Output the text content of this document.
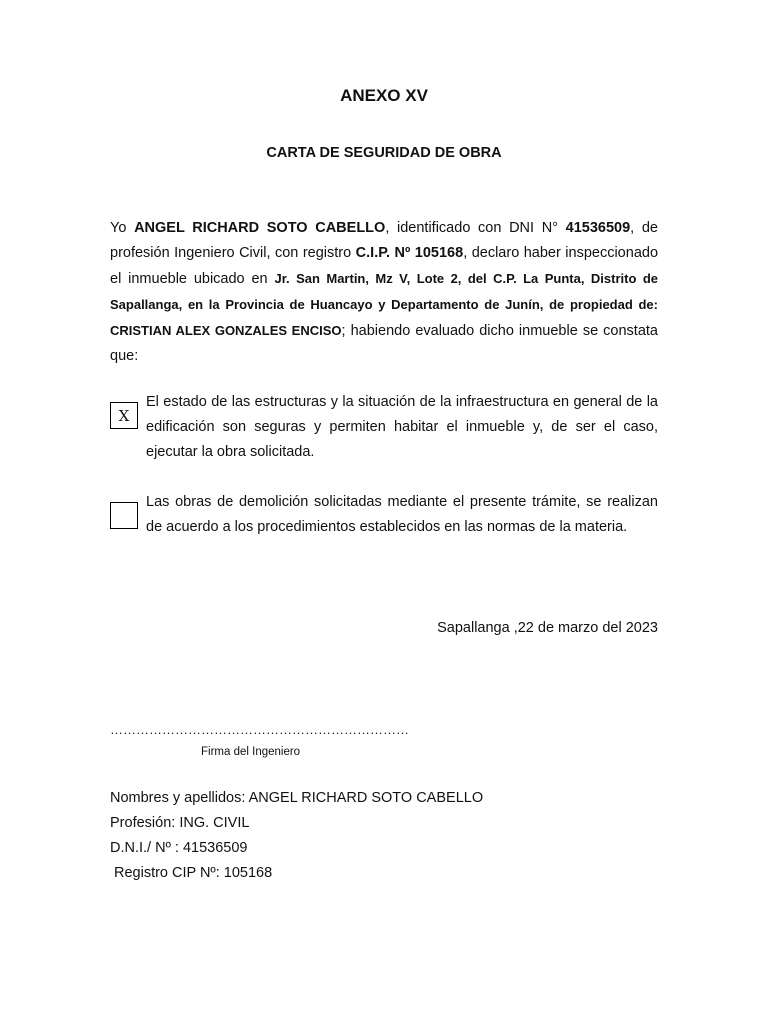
ANEXO XV
CARTA DE SEGURIDAD DE OBRA
Yo ANGEL RICHARD SOTO CABELLO, identificado con DNI N° 41536509, de profesión Ingeniero Civil, con registro C.I.P. Nº 105168, declaro haber inspeccionado el inmueble ubicado en Jr. San Martin, Mz V, Lote 2, del C.P. La Punta, Distrito de Sapallanga, en la Provincia de Huancayo y Departamento de Junín, de propiedad de: CRISTIAN ALEX GONZALES ENCISO; habiendo evaluado dicho inmueble se constata que:
X
El estado de las estructuras y la situación de la infraestructura en general de la edificación son seguras y permiten habitar el inmueble y, de ser el caso, ejecutar la obra solicitada.
Las obras de demolición solicitadas mediante el presente trámite, se realizan de acuerdo a los procedimientos establecidos en las normas de la materia.
Sapallanga ,22 de marzo del 2023
……………………………………………………………
Firma del Ingeniero
Nombres y apellidos: ANGEL RICHARD SOTO CABELLO
Profesión: ING. CIVIL
D.N.I./ Nº : 41536509
Registro CIP Nº: 105168
